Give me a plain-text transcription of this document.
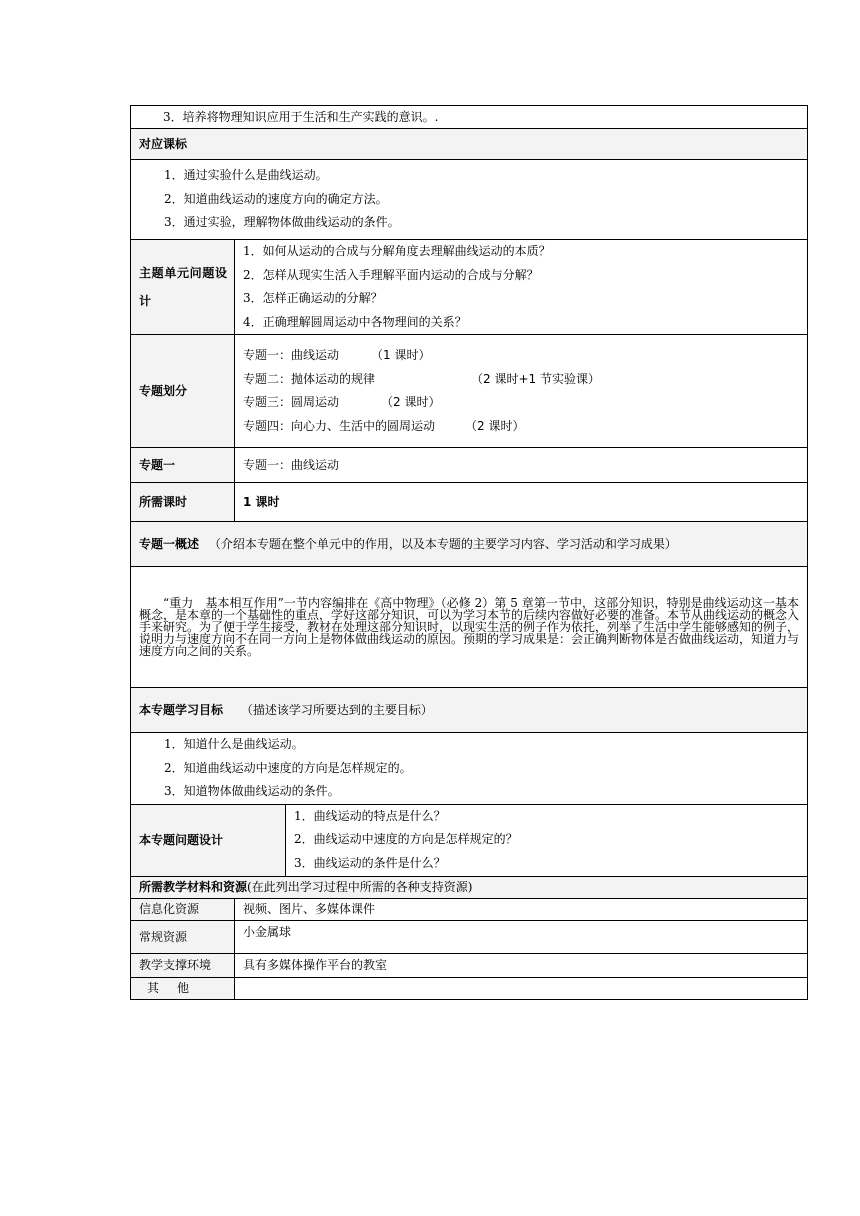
3．培养将物理知识应用于生活和生产实践的意识。.		
对应课标		

1．通过实验什么是曲线运动。
2．知道曲线运动的速度方向的确定方法。
3．通过实验，理解物体做曲线运动的条件。		

主题单元问题设计	1．如何从运动的合成与分解角度去理解曲线运动的本质？
2．怎样从现实生活入手理解平面内运动的合成与分解？
3．怎样正确运动的分解？
4．正确理解圆周运动中各物理间的关系？	

专题划分	专题一：曲线运动 （1 课时）
专题二：抛体运动的规律 （2 课时+1 节实验课）
专题三：圆周运动 （2 课时）
专题四：向心力、生活中的圆周运动 （2 课时）	

专题一	专题一：曲线运动	
所需课时	1 课时	
专题一概述 （介绍本专题在整个单元中的作用，以及本专题的主要学习内容、学习活动和学习成果）		
“重力　基本相互作用”一节内容编排在《高中物理》（必修 2）第 5 章第一节中，这部分知识，特别是曲线运动这一基本概念，是本章的一个基础性的重点，学好这部分知识，可以为学习本节的后续内容做好必要的准备。本节从曲线运动的概念入手来研究。为了便于学生接受，教材在处理这部分知识时，以现实生活的例子作为依托，列举了生活中学生能够感知的例子，说明力与速度方向不在同一方向上是物体做曲线运动的原因。预期的学习成果是：会正确判断物体是否做曲线运动，知道力与速度方向之间的关系。		
本专题学习目标 （描述该学习所要达到的主要目标）		

1．知道什么是曲线运动。
2．知道曲线运动中速度的方向是怎样规定的。
3．知道物体做曲线运动的条件。		

本专题问题设计		1．曲线运动的特点是什么？
2．曲线运动中速度的方向是怎样规定的？
3．曲线运动的条件是什么？

所需教学材料和资源(在此列出学习过程中所需的各种支持资源)		
信息化资源	视频、图片、多媒体课件	
常规资源	小金属球	
教学支撑环境	具有多媒体操作平台的教室	
其他		
